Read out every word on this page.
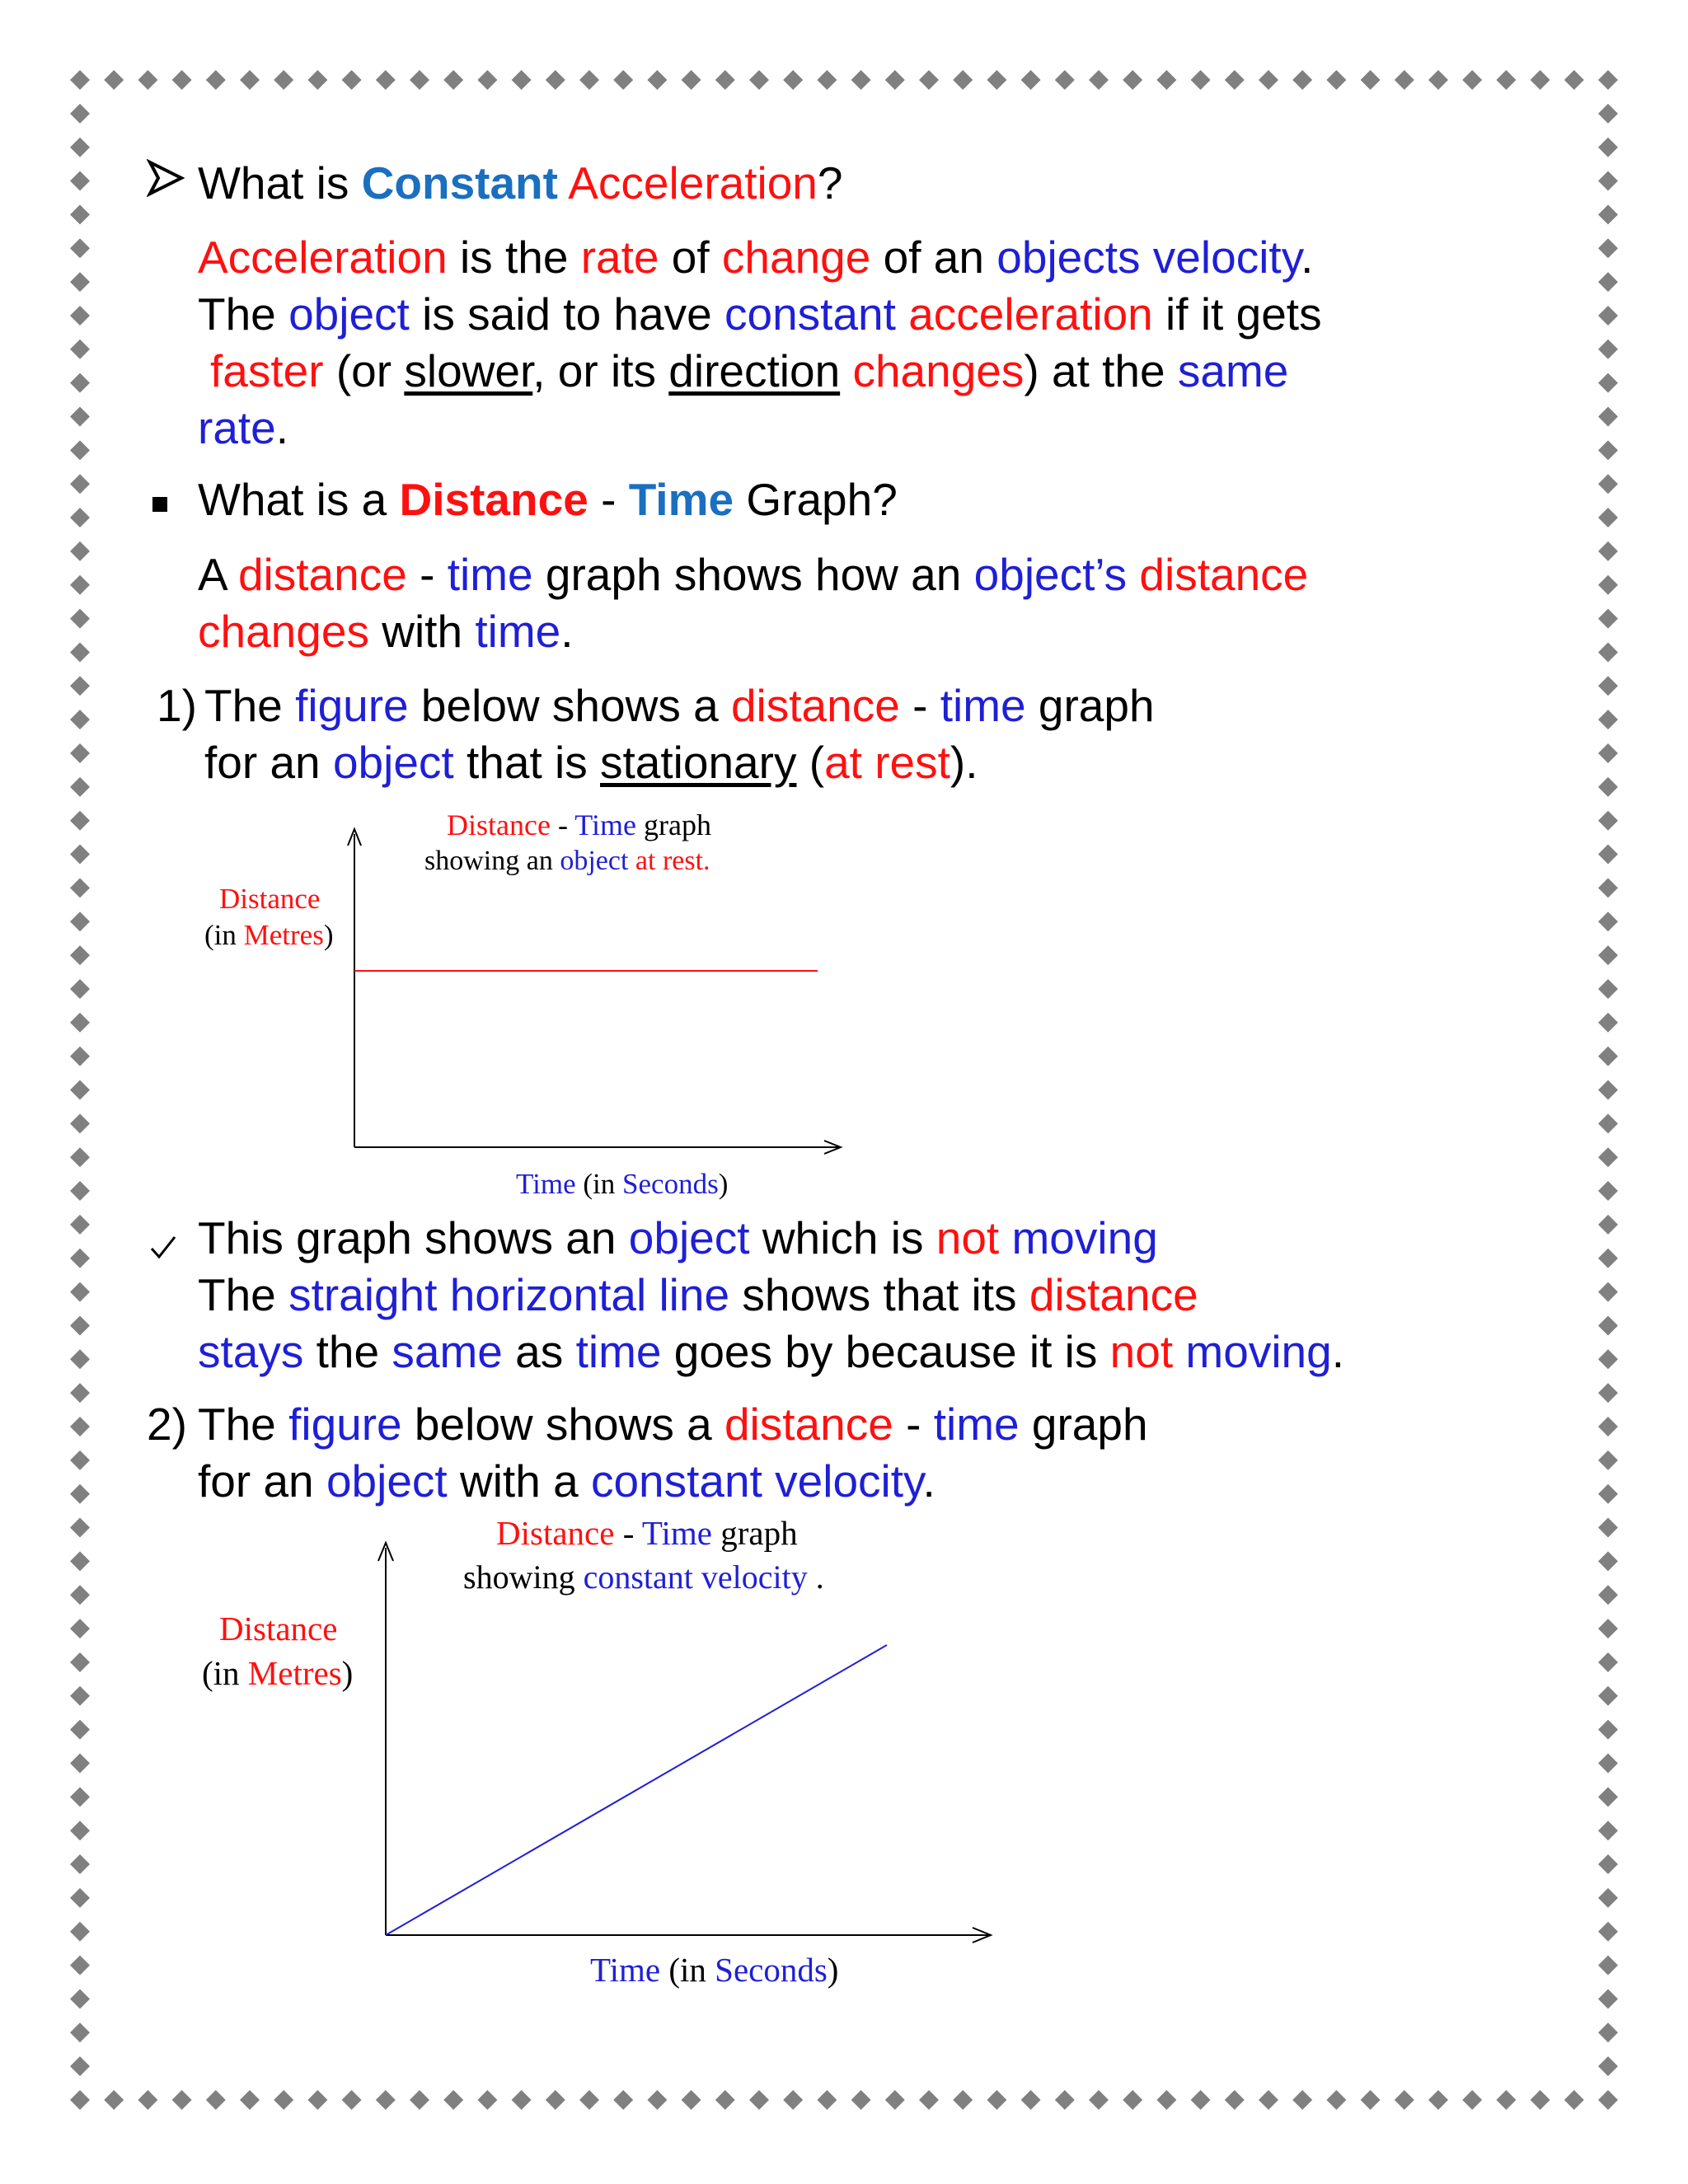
What is Constant Acceleration?
Acceleration is the rate of change of an objects velocity.
The object is said to have constant acceleration if it gets
faster (or slower, or its direction changes) at the same
rate.
What is a Distance - Time Graph?
A distance - time graph shows how an object’s distance
changes with time.
1) The figure below shows a distance - time graph
for an object that is stationary (at rest).
Distance - Time graph
showing an object at rest.
Distance
(in Metres)
Time (in Seconds)
This graph shows an object which is not moving
The straight horizontal line shows that its distance
stays the same as time goes by because it is not moving.
2) The figure below shows a distance - time graph
for an object with a constant velocity.
Distance - Time graph
showing constant velocity .
Distance
(in Metres)
Time (in Seconds)
